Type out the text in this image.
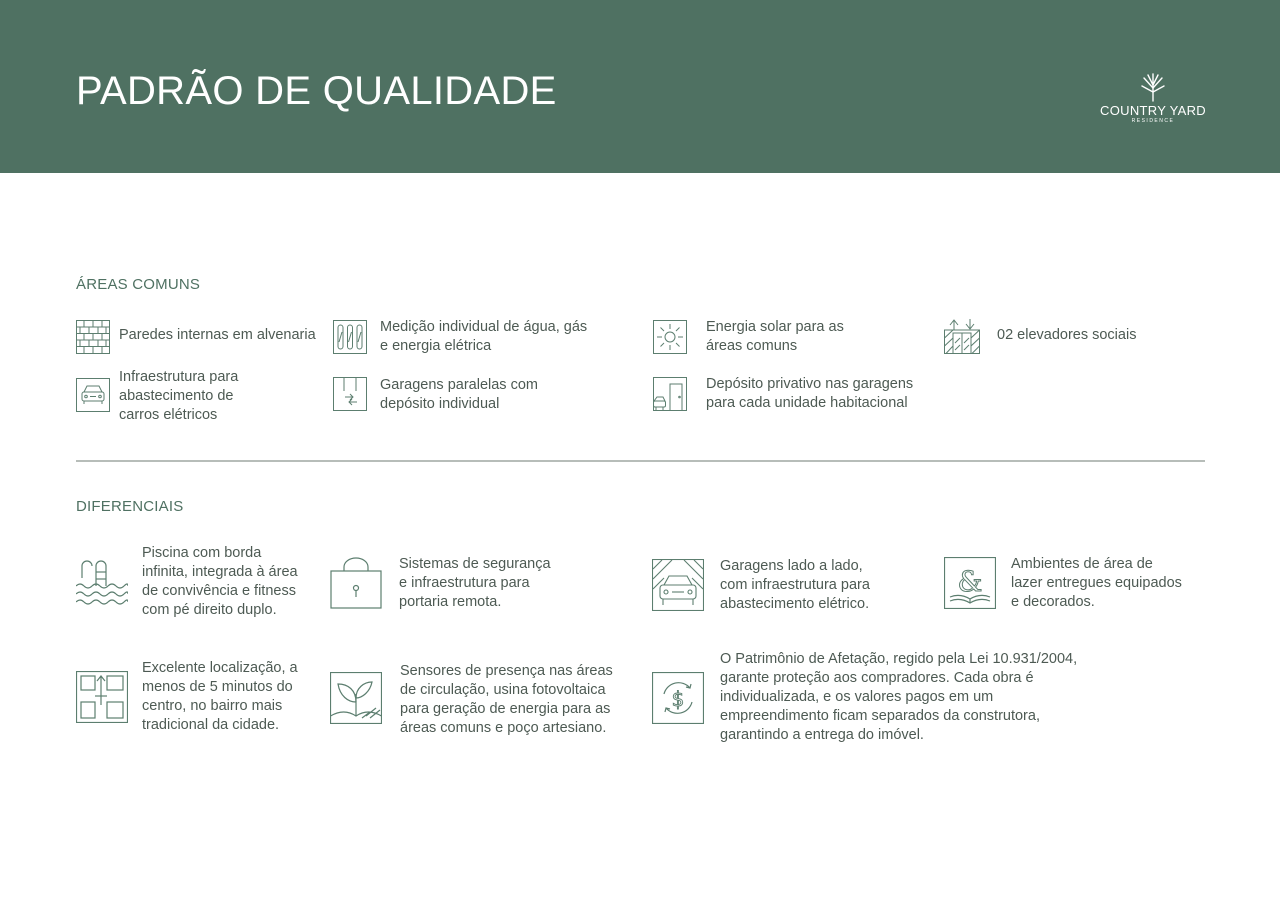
PADRÃO DE QUALIDADE	COUNTRY YARD
RESIDENCE
ÁREAS COMUNS
Paredes internas em alvenaria	Medição individual de água, gás
e energia elétrica
Energia solar para as
áreas comuns
02 elevadores sociais
Infraestrutura para
abastecimento de
carros elétricos
Garagens paralelas com
depósito individual
Depósito privativo nas garagens
para cada unidade habitacional
DIFERENCIAIS
Piscina com borda
infinita, integrada à área
de convivência e fitness
com pé direito duplo.
Sistemas de segurança
e infraestrutura para
portaria remota.
Garagens lado a lado,
com infraestrutura para
abastecimento elétrico.
&
Ambientes de área de
lazer entregues equipados
e decorados.
Excelente localização, a
menos de 5 minutos do
centro, no bairro mais
tradicional da cidade.
Sensores de presença nas áreas
de circulação, usina fotovoltaica
para geração de energia para as
áreas comuns e poço artesiano.
$
O Patrimônio de Afetação, regido pela Lei 10.931/2004,
garante proteção aos compradores. Cada obra é
individualizada, e os valores pagos em um
empreendimento ficam separados da construtora,
garantindo a entrega do imóvel.
